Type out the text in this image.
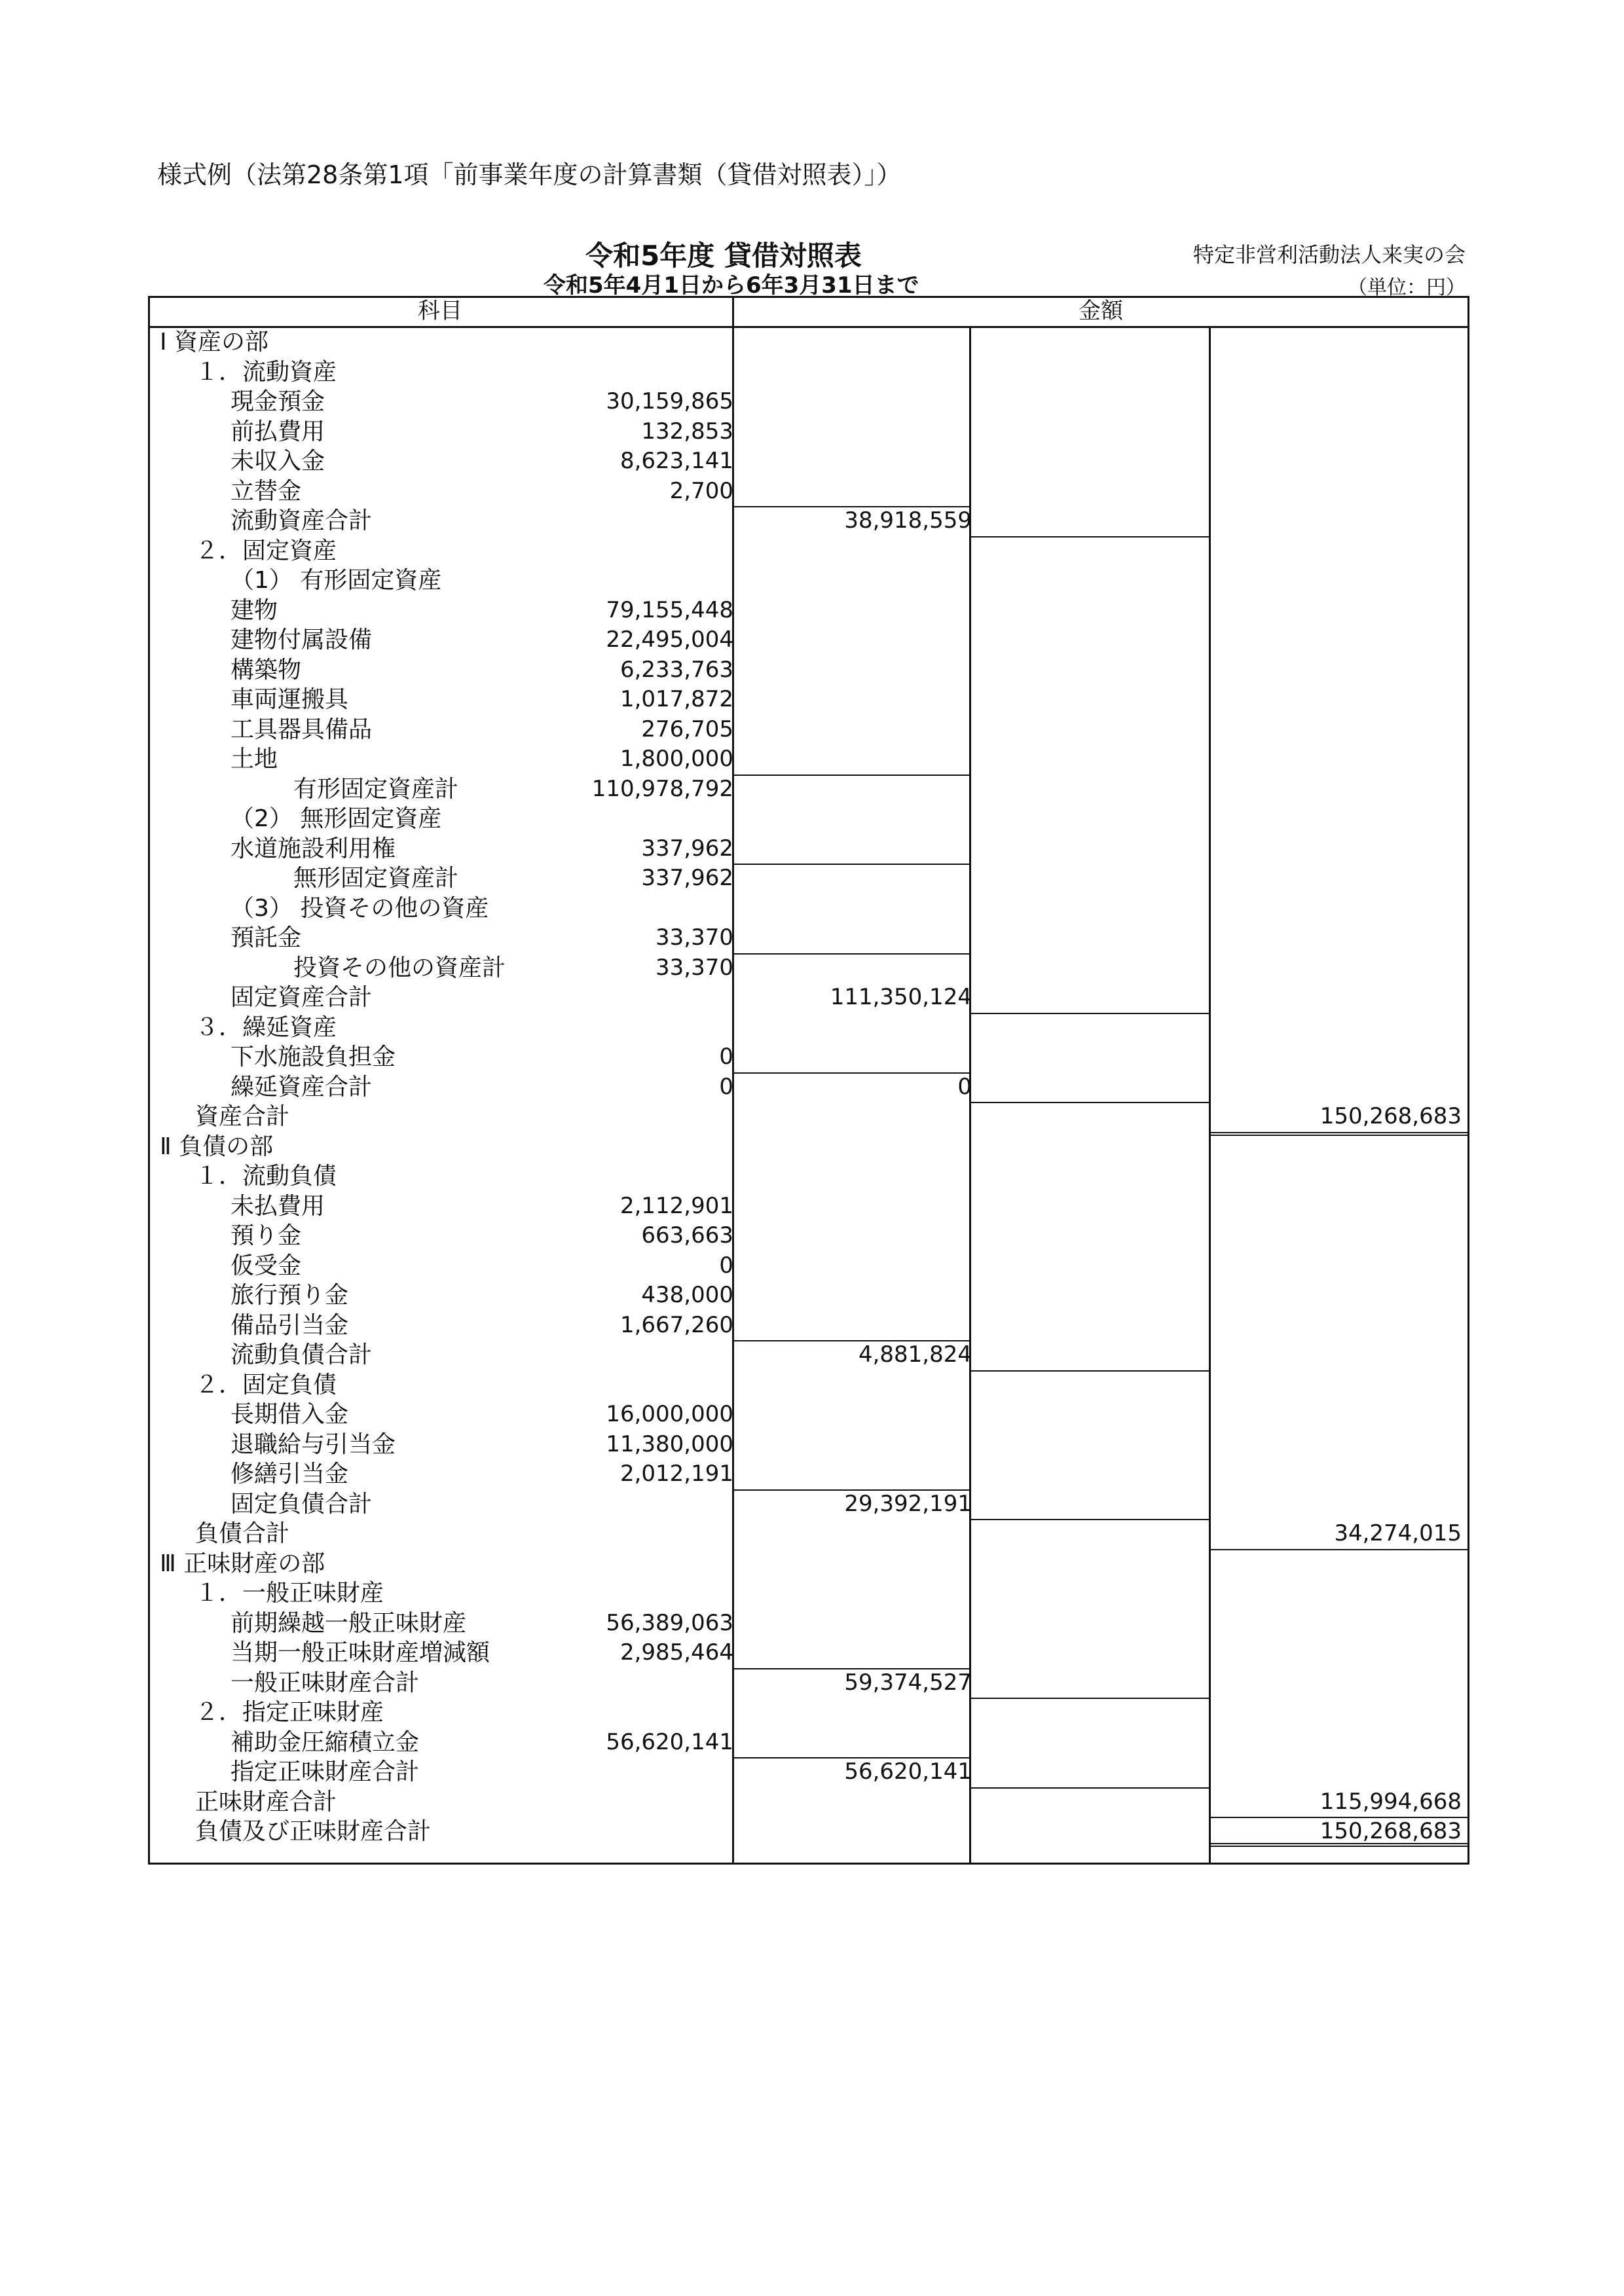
様式例（法第28条第1項「前事業年度の計算書類（貸借対照表）」）
令和5年度 貸借対照表
令和5年4月1日から6年3月31日まで
特定非営利活動法人来実の会
（単位：円）
科目	金額
Ⅰ 資産の部
１．流動資産
現金預金	30,159,865
前払費用	132,853
未収入金	8,623,141
立替金	2,700
流動資産合計	38,918,559
２．固定資産
（1） 有形固定資産
建物	79,155,448
建物付属設備	22,495,004
構築物	6,233,763
車両運搬具	1,017,872
工具器具備品	276,705
土地	1,800,000
有形固定資産計	110,978,792
（2） 無形固定資産
水道施設利用権	337,962
無形固定資産計	337,962
（3） 投資その他の資産
預託金	33,370
投資その他の資産計	33,370
固定資産合計	111,350,124
３．繰延資産
下水施設負担金	0
繰延資産合計	0	0
資産合計	150,268,683
Ⅱ 負債の部
１．流動負債
未払費用	2,112,901
預り金	663,663
仮受金	0
旅行預り金	438,000
備品引当金	1,667,260
流動負債合計	4,881,824
２．固定負債
長期借入金	16,000,000
退職給与引当金	11,380,000
修繕引当金	2,012,191
固定負債合計	29,392,191
負債合計	34,274,015
Ⅲ 正味財産の部
１．一般正味財産
前期繰越一般正味財産	56,389,063
当期一般正味財産増減額	2,985,464
一般正味財産合計	59,374,527
２．指定正味財産
補助金圧縮積立金	56,620,141
指定正味財産合計	56,620,141
正味財産合計	115,994,668
負債及び正味財産合計	150,268,683
